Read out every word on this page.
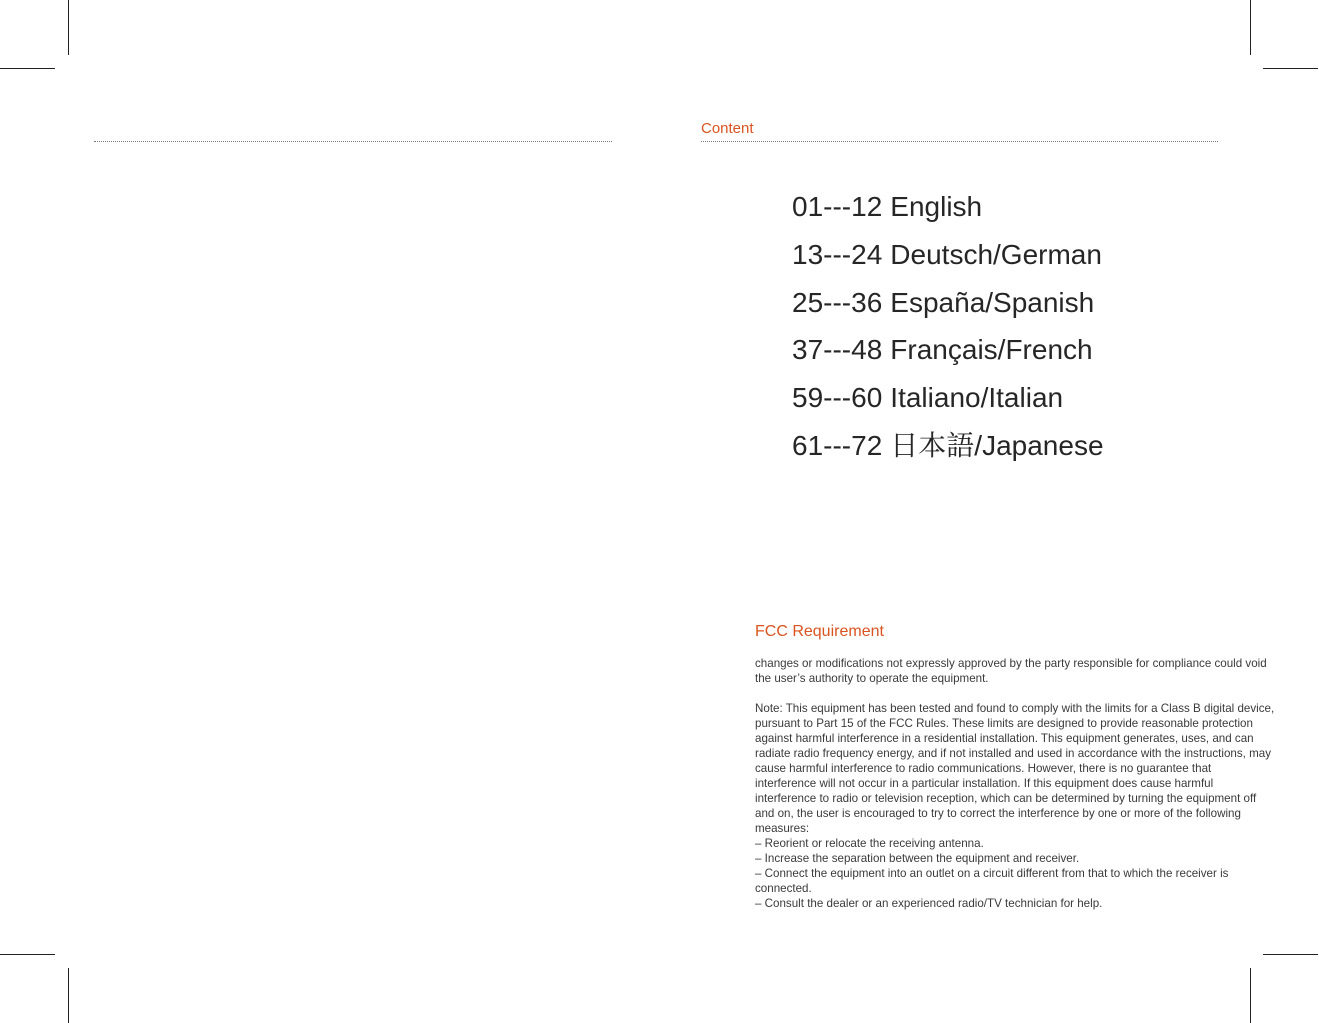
Content
01---12 English
13---24 Deutsch/German
25---36 España/Spanish
37---48 Français/French
59---60 Italiano/Italian
61---72 日本語/Japanese
FCC Requirement

changes or modifications not expressly approved by the party responsible for compliance could void the user’s authority to operate the equipment.

Note: This equipment has been tested and found to comply with the limits for a Class B digital device, pursuant to Part 15 of the FCC Rules. These limits are designed to provide reasonable protection against harmful interference in a residential installation. This equipment generates, uses, and can radiate radio frequency energy, and if not installed and used in accordance with the instructions, may cause harmful interference to radio communications. However, there is no guarantee that interference will not occur in a particular installation. If this equipment does cause harmful interference to radio or television reception, which can be determined by turning the equipment off and on, the user is encouraged to try to correct the interference by one or more of the following measures:

– Reorient or relocate the receiving antenna.

– Increase the separation between the equipment and receiver.

– Connect the equipment into an outlet on a circuit different from that to which the receiver is connected.

– Consult the dealer or an experienced radio/TV technician for help.
